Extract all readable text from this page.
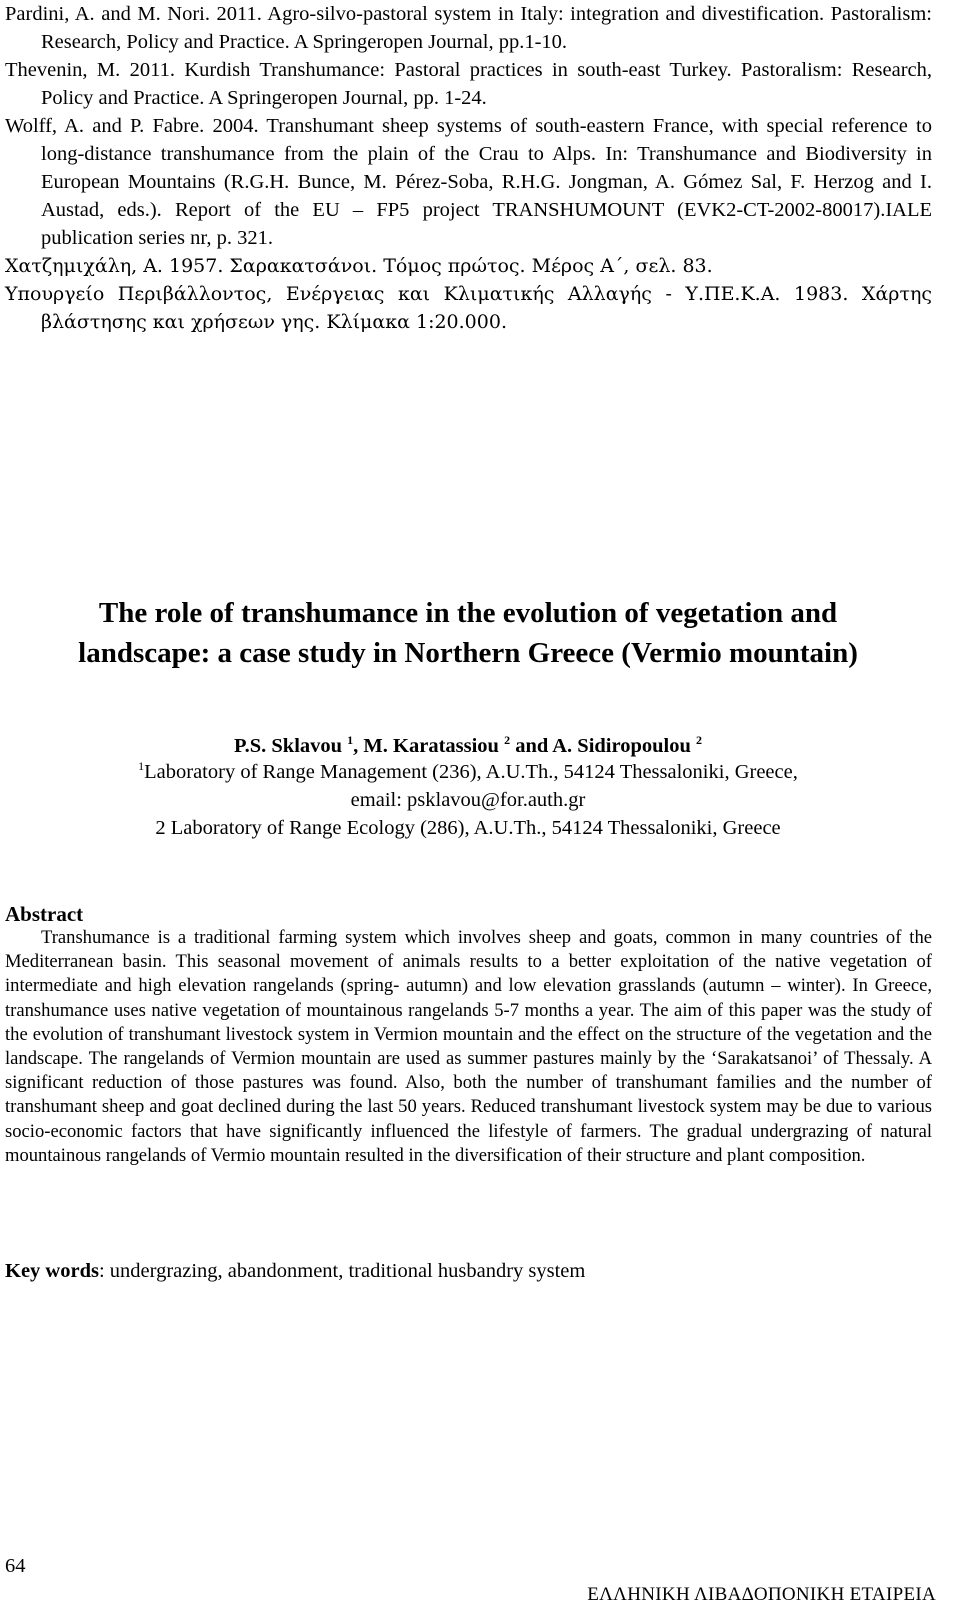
Pardini, A. and M. Nori. 2011. Agro-silvo-pastoral system in Italy: integration and divestification. Pastoralism: Research, Policy and Practice. A Springeropen Journal, pp.1-10.

Thevenin, M. 2011. Kurdish Transhumance: Pastoral practices in south-east Turkey. Pastoralism: Research, Policy and Practice. A Springeropen Journal, pp. 1-24.

Wolff, A. and P. Fabre. 2004. Transhumant sheep systems of south-eastern France, with special reference to long-distance transhumance from the plain of the Crau to Alps. In: Transhumance and Biodiversity in European Mountains (R.G.H. Bunce, M. Pérez-Soba, R.H.G. Jongman, A. Gómez Sal, F. Herzog and I. Austad, eds.). Report of the EU – FP5 project TRANSHUMOUNT (EVK2-CT-2002-80017).IALE publication series nr, p. 321.

Χατζημιχάλη, Α. 1957. Σαρακατσάνοι. Τόμος πρώτος. Μέρος Α΄, σελ. 83.

Υπουργείο Περιβάλλοντος, Ενέργειας και Κλιματικής Αλλαγής - Υ.ΠΕ.Κ.Α. 1983. Χάρτης βλάστησης και χρήσεων γης. Κλίμακα 1:20.000.

The role of transhumance in the evolution of vegetation and
landscape: a case study in Northern Greece (Vermio mountain)
P.S. Sklavou $^1$, M. Karatassiou $^2$ and A. Sidiropoulou $^2$
$^1$Laboratory of Range Management (236), A.U.Th., 54124 Thessaloniki, Greece,
email: psklavou@for.auth.gr
2 Laboratory of Range Ecology (286), A.U.Th., 54124 Thessaloniki, Greece
Abstract

Transhumance is a traditional farming system which involves sheep and goats, common in many countries of the Mediterranean basin. This seasonal movement of animals results to a better exploitation of the native vegetation of intermediate and high elevation rangelands (spring- autumn) and low elevation grasslands (autumn – winter). In Greece, transhumance uses native vegetation of mountainous rangelands 5-7 months a year. The aim of this paper was the study of the evolution of transhumant livestock system in Vermion mountain and the effect on the structure of the vegetation and the landscape. The rangelands of Vermion mountain are used as summer pastures mainly by the ‘Sarakatsanoi’ of Thessaly. A significant reduction of those pastures was found. Also, both the number of transhumant families and the number of transhumant sheep and goat declined during the last 50 years. Reduced transhumant livestock system may be due to various socio-economic factors that have significantly influenced the lifestyle of farmers. The gradual undergrazing of natural mountainous rangelands of Vermio mountain resulted in the diversification of their structure and plant composition.

Key words: undergrazing, abandonment, traditional husbandry system
64
ΕΛΛΗΝΙΚΗ ΛΙΒΑΔΟΠΟΝΙΚΗ ΕΤΑΙΡΕΙΑ
